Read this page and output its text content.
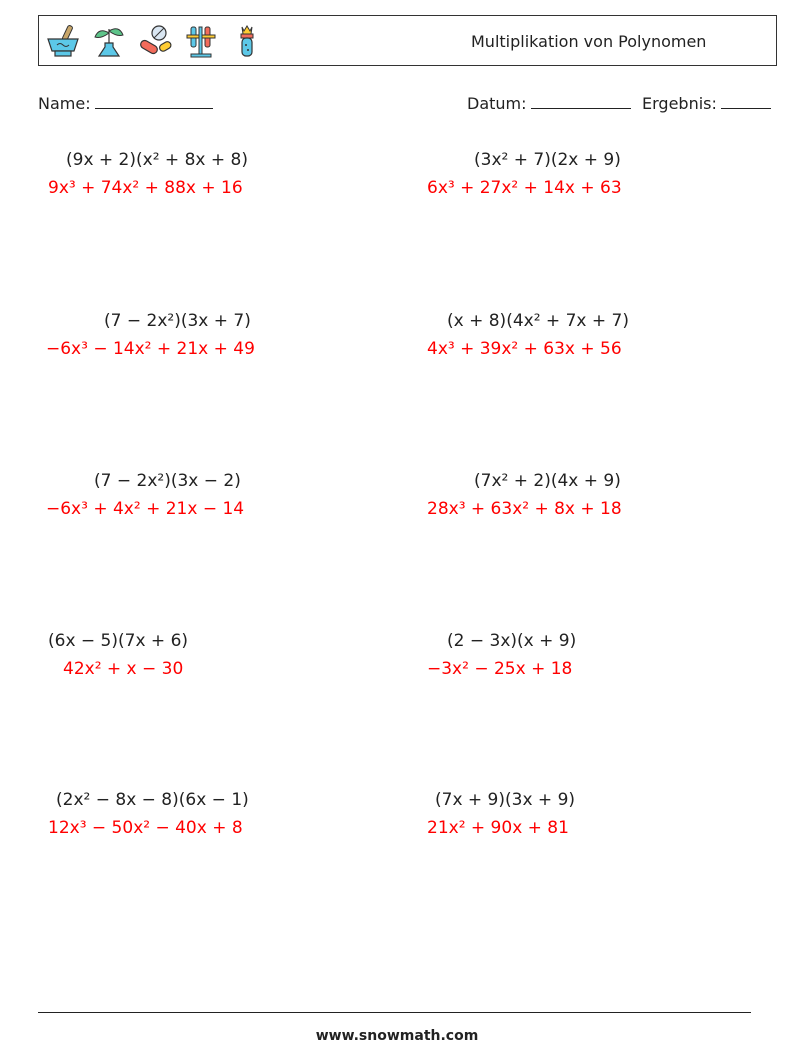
Multiplikation von Polynomen
Name:	Datum:	Ergebnis:
(9x + 2)(x² + 8x + 8)
9x³ + 74x² + 88x + 16
(3x² + 7)(2x + 9)
6x³ + 27x² + 14x + 63
(7 − 2x²)(3x + 7)
−6x³ − 14x² + 21x + 49
(x + 8)(4x² + 7x + 7)
4x³ + 39x² + 63x + 56
(7 − 2x²)(3x − 2)
−6x³ + 4x² + 21x − 14
(7x² + 2)(4x + 9)
28x³ + 63x² + 8x + 18
(6x − 5)(7x + 6)
42x² + x − 30
(2 − 3x)(x + 9)
−3x² − 25x + 18
(2x² − 8x − 8)(6x − 1)
12x³ − 50x² − 40x + 8
(7x + 9)(3x + 9)
21x² + 90x + 81
www.snowmath.com
